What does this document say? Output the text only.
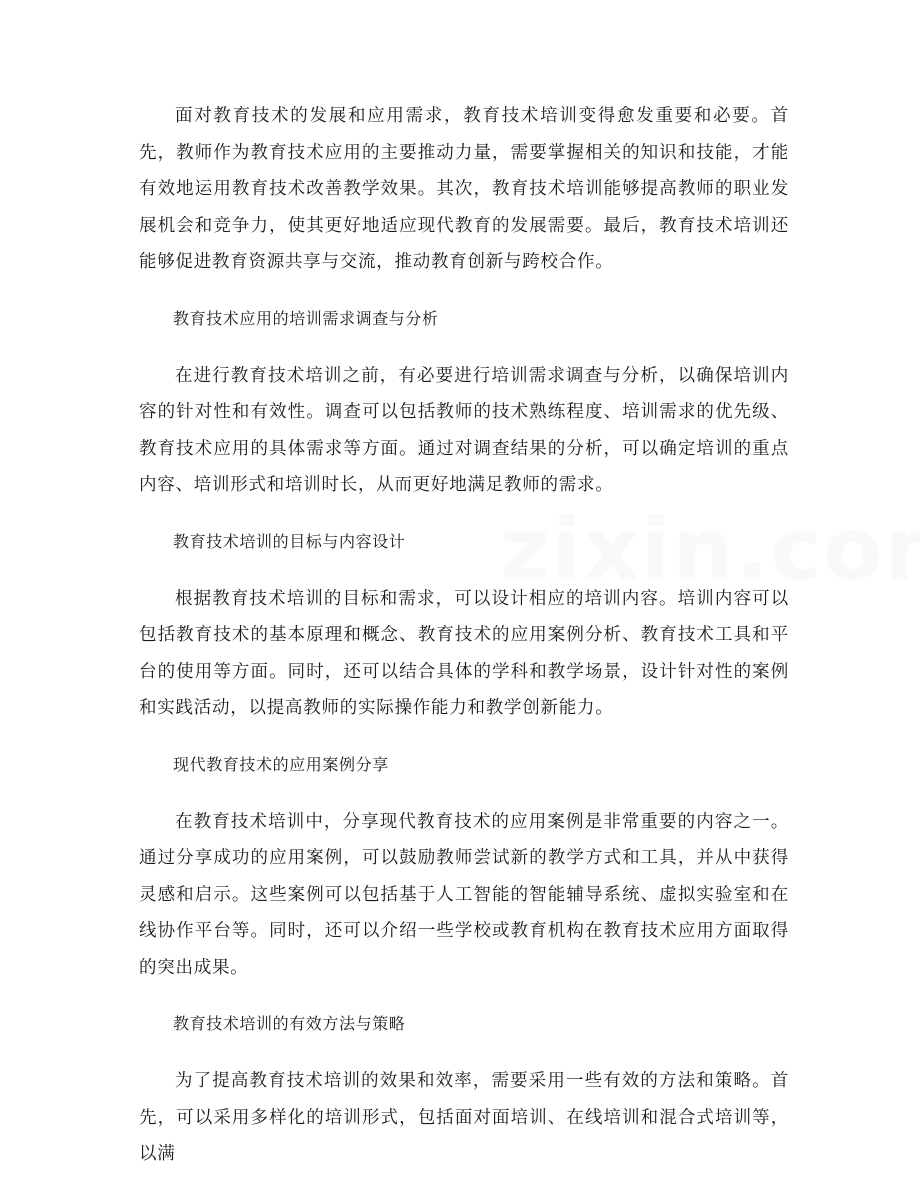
面对教育技术的发展和应用需求，教育技术培训变得愈发重要和必要。首先，教师作为教育技术应用的主要推动力量，需要掌握相关的知识和技能，才能有效地运用教育技术改善教学效果。其次，教育技术培训能够提高教师的职业发展机会和竞争力，使其更好地适应现代教育的发展需要。最后，教育技术培训还能够促进教育资源共享与交流，推动教育创新与跨校合作。

教育技术应用的培训需求调查与分析

在进行教育技术培训之前，有必要进行培训需求调查与分析，以确保培训内容的针对性和有效性。调查可以包括教师的技术熟练程度、培训需求的优先级、教育技术应用的具体需求等方面。通过对调查结果的分析，可以确定培训的重点内容、培训形式和培训时长，从而更好地满足教师的需求。

教育技术培训的目标与内容设计

根据教育技术培训的目标和需求，可以设计相应的培训内容。培训内容可以包括教育技术的基本原理和概念、教育技术的应用案例分析、教育技术工具和平台的使用等方面。同时，还可以结合具体的学科和教学场景，设计针对性的案例和实践活动，以提高教师的实际操作能力和教学创新能力。

现代教育技术的应用案例分享

在教育技术培训中，分享现代教育技术的应用案例是非常重要的内容之一。通过分享成功的应用案例，可以鼓励教师尝试新的教学方式和工具，并从中获得灵感和启示。这些案例可以包括基于人工智能的智能辅导系统、虚拟实验室和在线协作平台等。同时，还可以介绍一些学校或教育机构在教育技术应用方面取得的突出成果。

教育技术培训的有效方法与策略

为了提高教育技术培训的效果和效率，需要采用一些有效的方法和策略。首先，可以采用多样化的培训形式，包括面对面培训、在线培训和混合式培训等，以满
